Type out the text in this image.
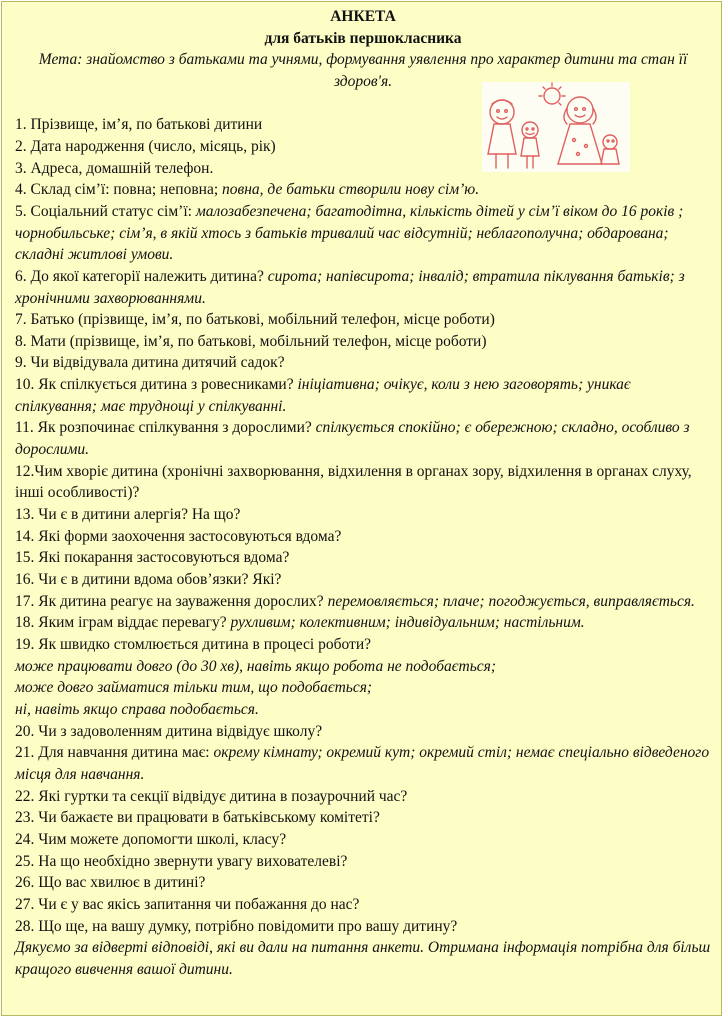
АНКЕТА
для батьків першокласника
Мета: знайомство з батьками та учнями, формування уявлення про характер дитини та стан її здоров'я.
1. Прізвище, ім’я, по батькові дитини
2. Дата народження (число, місяць, рік)
3. Адреса, домашній телефон.
4. Склад сім’ї: повна; неповна; повна, де батьки створили нову сім’ю.
5. Соціальний статус сім’ї: малозабезпечена; багатодітна, кількість дітей у сім’ї віком до 16 років ; чорнобильське; сім’я, в якій хтось з батьків тривалий час відсутній; неблагополучна; обдарована; складні житлові умови.
6. До якої категорії належить дитина? сирота; напівсирота; інвалід; втратила піклування батьків; з хронічними захворюваннями.
7. Батько (прізвище, ім’я, по батькові, мобільний телефон, місце роботи)
8. Мати (прізвище, ім’я, по батькові, мобільний телефон, місце роботи)
9. Чи відвідувала дитина дитячий садок?
10. Як спілкується дитина з ровесниками? ініціативна; очікує, коли з нею заговорять; уникає спілкування; має труднощі у спілкуванні.
11. Як розпочинає спілкування з дорослими? спілкується спокійно; є обережною; складно, особливо з дорослими.
12.Чим хворіє дитина (хронічні захворювання, відхилення в органах зору, відхилення в органах слуху, інші особливості)?
13. Чи є в дитини алергія? На що?
14. Які форми заохочення застосовуються вдома?
15. Які покарання застосовуються вдома?
16. Чи є в дитини вдома обов’язки? Які?
17. Як дитина реагує на зауваження дорослих? перемовляється; плаче; погоджується, виправляється.
18. Яким іграм віддає перевагу? рухливим; колективним; індивідуальним; настільним.
19. Як швидко стомлюється дитина в процесі роботи?
може працювати довго (до 30 хв), навіть якщо робота не подобається;
може довго займатися тільки тим, що подобається;
ні, навіть якщо справа подобається.
20. Чи з задоволенням дитина відвідує школу?
21. Для навчання дитина має: окрему кімнату; окремий кут; окремий стіл; немає спеціально відведеного місця для навчання.
22. Які гуртки та секції відвідує дитина в позаурочний час?
23. Чи бажаєте ви працювати в батьківському комітеті?
24. Чим можете допомогти школі, класу?
25. На що необхідно звернути увагу вихователеві?
26. Що вас хвилює в дитині?
27. Чи є у вас якісь запитання чи побажання до нас?
28. Що ще, на вашу думку, потрібно повідомити про вашу дитину?
Дякуємо за відверті відповіді, які ви дали на питання анкети. Отримана інформація потрібна для більш кращого вивчення вашої дитини.
